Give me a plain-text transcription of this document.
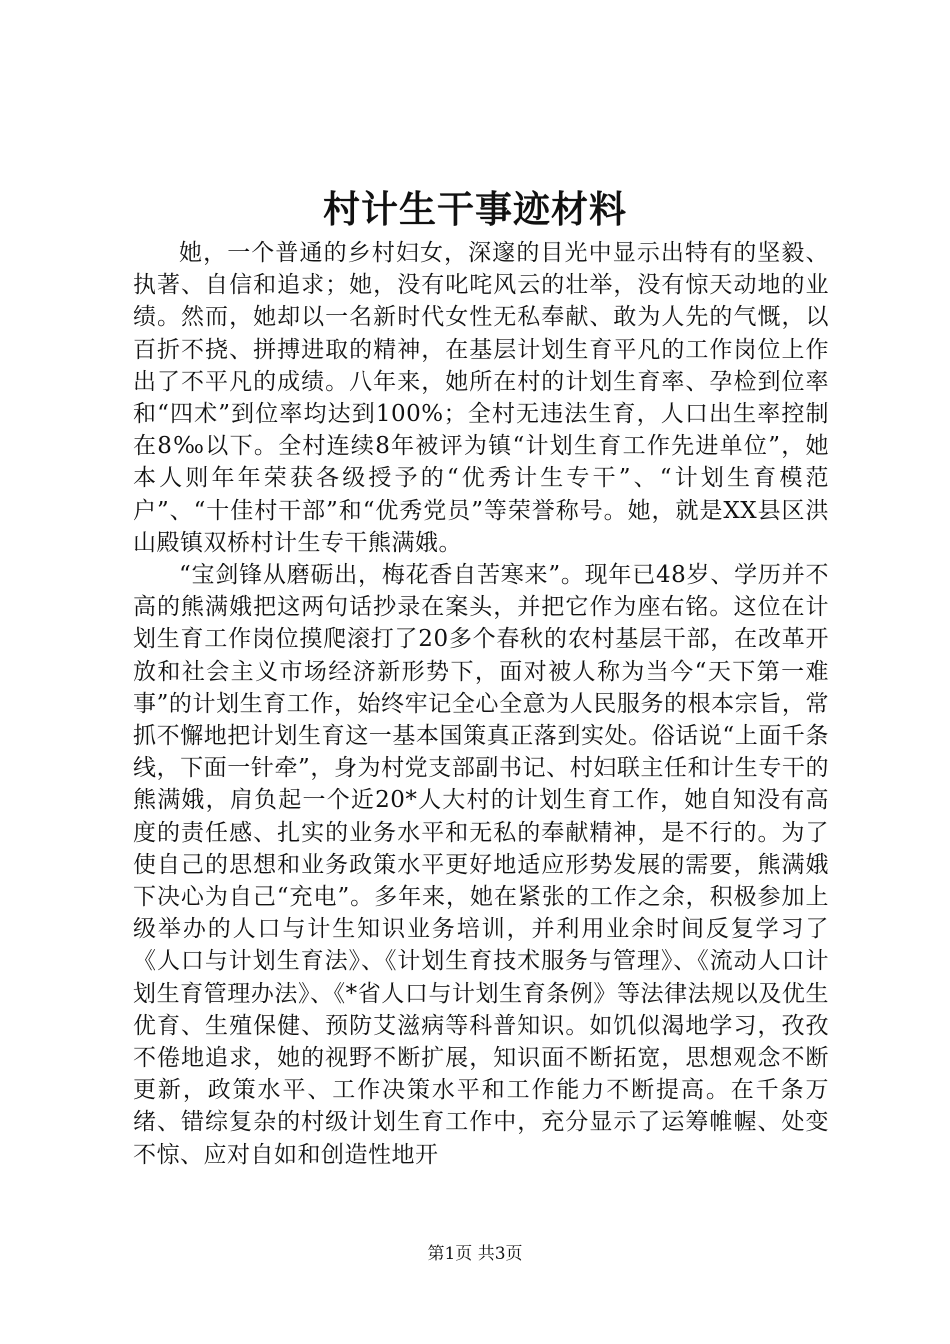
村计生干事迹材料

她，一个普通的乡村妇女，深邃的目光中显示出特有的坚毅、执著、自信和追求；她，没有叱咤风云的壮举，没有惊天动地的业绩。然而，她却以一名新时代女性无私奉献、敢为人先的气慨，以百折不挠、拼搏进取的精神，在基层计划生育平凡的工作岗位上作出了不平凡的成绩。八年来，她所在村的计划生育率、孕检到位率和“四术”到位率均达到100%；全村无违法生育，人口出生率控制在8‰以下。全村连续8年被评为镇“计划生育工作先进单位”，她本人则年年荣获各级授予的“优秀计生专干”、“计划生育模范户”、“十佳村干部”和“优秀党员”等荣誉称号。她，就是XX县区洪山殿镇双桥村计生专干熊满娥。

“宝剑锋从磨砺出，梅花香自苦寒来”。现年已48岁、学历并不高的熊满娥把这两句话抄录在案头，并把它作为座右铭。这位在计划生育工作岗位摸爬滚打了20多个春秋的农村基层干部，在改革开放和社会主义市场经济新形势下，面对被人称为当今“天下第一难事”的计划生育工作，始终牢记全心全意为人民服务的根本宗旨，常抓不懈地把计划生育这一基本国策真正落到实处。俗话说“上面千条线，下面一针牵”，身为村党支部副书记、村妇联主任和计生专干的熊满娥，肩负起一个近20*人大村的计划生育工作，她自知没有高度的责任感、扎实的业务水平和无私的奉献精神，是不行的。为了使自己的思想和业务政策水平更好地适应形势发展的需要，熊满娥下决心为自己“充电”。多年来，她在紧张的工作之余，积极参加上级举办的人口与计生知识业务培训，并利用业余时间反复学习了《人口与计划生育法》、《计划生育技术服务与管理》、《流动人口计划生育管理办法》、《*省人口与计划生育条例》等法律法规以及优生优育、生殖保健、预防艾滋病等科普知识。如饥似渴地学习，孜孜不倦地追求，她的视野不断扩展，知识面不断拓宽，思想观念不断更新，政策水平、工作决策水平和工作能力不断提高。在千条万绪、错综复杂的村级计划生育工作中，充分显示了运筹帷幄、处变不惊、应对自如和创造性地开

第1页 共3页
